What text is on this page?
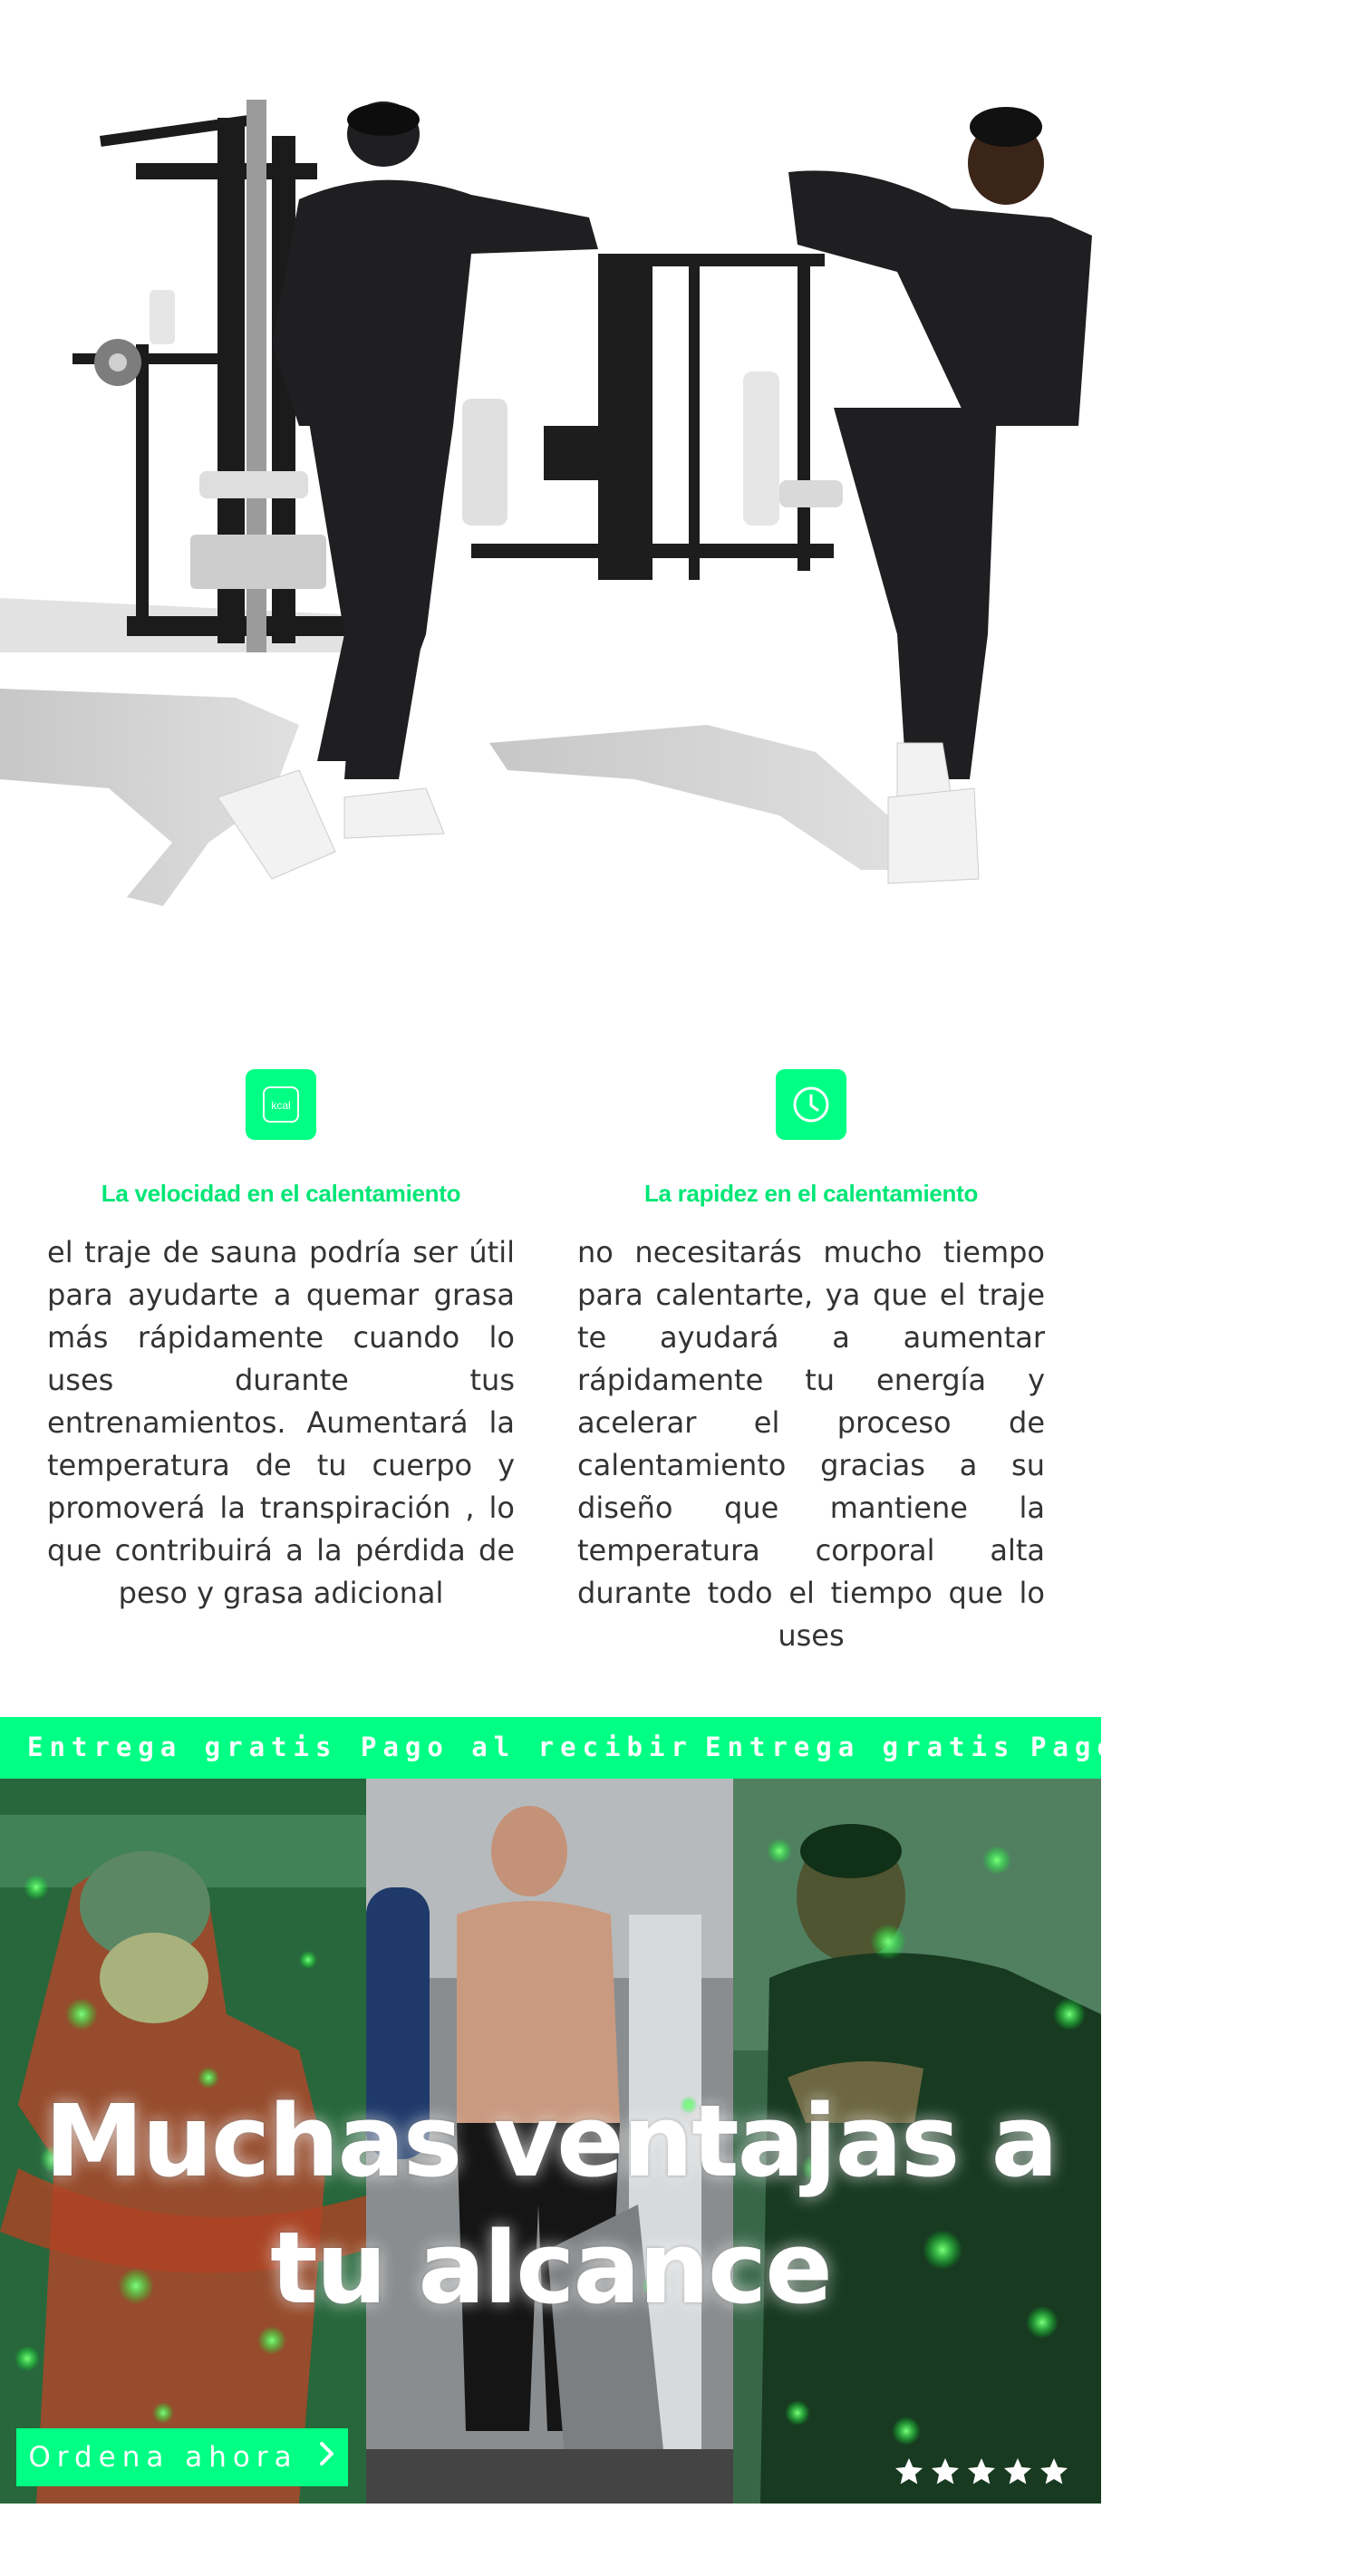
kcal
La velocidad en el calentamiento
el traje de sauna podría ser útil para ayudarte a quemar grasa más rápidamente cuando lo uses durante tus entrenamientos. Aumentará la temperatura de tu cuerpo y promoverá la transpiración , lo que contribuirá a la pérdida de peso y grasa adicional
La rapidez en el calentamiento
no necesitarás mucho tiempo para calentarte, ya que el traje te ayudará a aumentar rápidamente tu energía y acelerar el proceso de calentamiento gracias a su diseño que mantiene la temperatura corporal alta durante todo el tiempo que lo uses
Entrega gratis Pago al recibir Entrega gratis Pago al recibir
Muchas ventajas a tu alcance
Ordena ahora
